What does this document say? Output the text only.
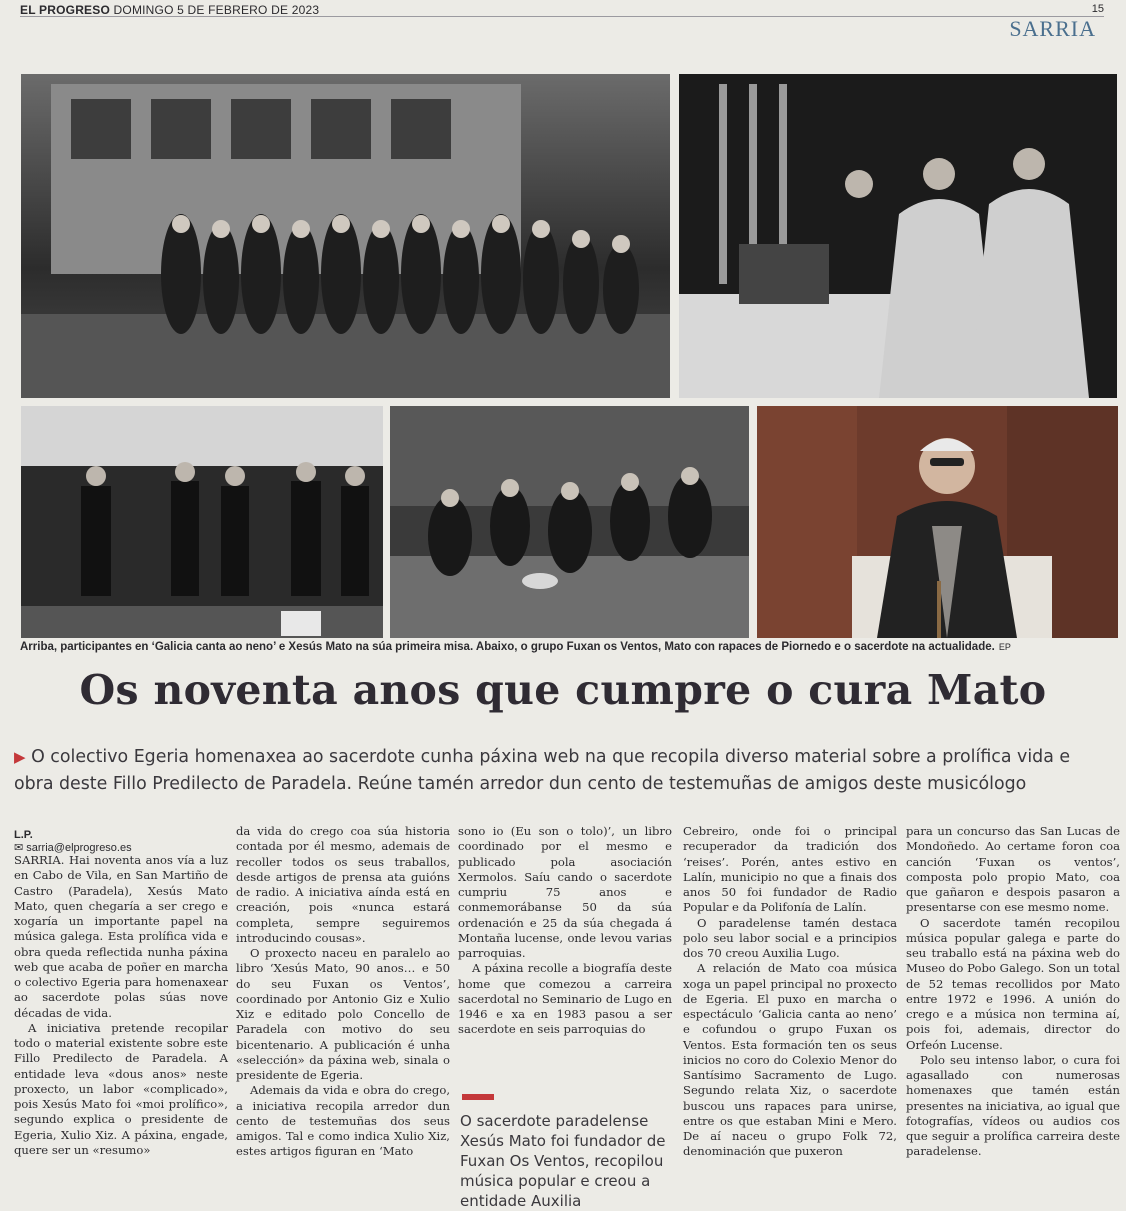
EL PROGRESO DOMINGO 5 DE FEBRERO DE 2023	15
SARRIA
Arriba, participantes en ‘Galicia canta ao neno’ e Xesús Mato na súa primeira misa. Abaixo, o grupo Fuxan os Ventos, Mato con rapaces de Piornedo e o sacerdote na actualidade. EP
Os noventa anos que cumpre o cura Mato
▶ O colectivo Egeria homenaxea ao sacerdote cunha páxina web na que recopila diverso material sobre a prolífica vida e obra deste Fillo Predilecto de Paradela. Reúne tamén arredor dun cento de testemuñas de amigos deste musicólogo
L.P.
✉ sarria@elprogreso.es

SARRIA. Hai noventa anos vía a luz en Cabo de Vila, en San Martiño de Castro (Paradela), Xesús Mato Mato, quen chegaría a ser crego e xogaría un importante papel na música galega. Esta prolífica vida e obra queda reflectida nunha páxina web que acaba de poñer en marcha o colectivo Egeria para homenaxear ao sacerdote polas súas nove décadas de vida.

A iniciativa pretende recopilar todo o material existente sobre este Fillo Predilecto de Paradela. A entidade leva «dous anos» neste proxecto, un labor «complicado», pois Xesús Mato foi «moi prolífico», segundo explica o presidente de Egeria, Xulio Xiz. A páxina, engade, quere ser un «resumo»

da vida do crego coa súa historia contada por él mesmo, ademais de recoller todos os seus traballos, desde artigos de prensa ata guións de radio. A iniciativa aínda está en creación, pois «nunca estará completa, sempre seguiremos introducindo cousas».

O proxecto naceu en paralelo ao libro ‘Xesús Mato, 90 anos… e 50 do seu Fuxan os Ventos’, coordinado por Antonio Giz e Xulio Xiz e editado polo Concello de Paradela con motivo do seu bicentenario. A publicación é unha «selección» da páxina web, sinala o presidente de Egeria.

Ademais da vida e obra do crego, a iniciativa recopila arredor dun cento de testemuñas dos seus amigos. Tal e como indica Xulio Xiz, estes artigos figuran en ‘Mato

sono io (Eu son o tolo)’, un libro coordinado por el mesmo e publicado pola asociación Xermolos. Saíu cando o sacerdote cumpriu 75 anos e conmemorábanse 50 da súa ordenación e 25 da súa chegada á Montaña lucense, onde levou varias parroquias.

A páxina recolle a biografía deste home que comezou a carreira sacerdotal no Seminario de Lugo en 1946 e xa en 1983 pasou a ser sacerdote en seis parroquias do

Cebreiro, onde foi o principal recuperador da tradición dos ‘reises’. Porén, antes estivo en Lalín, municipio no que a finais dos anos 50 foi fundador de Radio Popular e da Polifonía de Lalín.

O paradelense tamén destaca polo seu labor social e a principios dos 70 creou Auxilia Lugo.

A relación de Mato coa música xoga un papel principal no proxecto de Egeria. El puxo en marcha o espectáculo ‘Galicia canta ao neno’ e cofundou o grupo Fuxan os Ventos. Esta formación ten os seus inicios no coro do Colexio Menor do Santísimo Sacramento de Lugo. Segundo relata Xiz, o sacerdote buscou uns rapaces para unirse, entre os que estaban Mini e Mero. De aí naceu o grupo Folk 72, denominación que puxeron

para un concurso das San Lucas de Mondoñedo. Ao certame foron coa canción ‘Fuxan os ventos’, composta polo propio Mato, coa que gañaron e despois pasaron a presentarse con ese mesmo nome.

O sacerdote tamén recopilou música popular galega e parte do seu traballo está na páxina web do Museo do Pobo Galego. Son un total de 52 temas recollidos por Mato entre 1972 e 1996. A unión do crego e a música non termina aí, pois foi, ademais, director do Orfeón Lucense.

Polo seu intenso labor, o cura foi agasallado con numerosas homenaxes que tamén están presentes na iniciativa, ao igual que fotografías, vídeos ou audios cos que seguir a prolífica carreira deste paradelense.

O sacerdote paradelense Xesús Mato foi fundador de Fuxan Os Ventos, recopilou música popular e creou a entidade Auxilia
